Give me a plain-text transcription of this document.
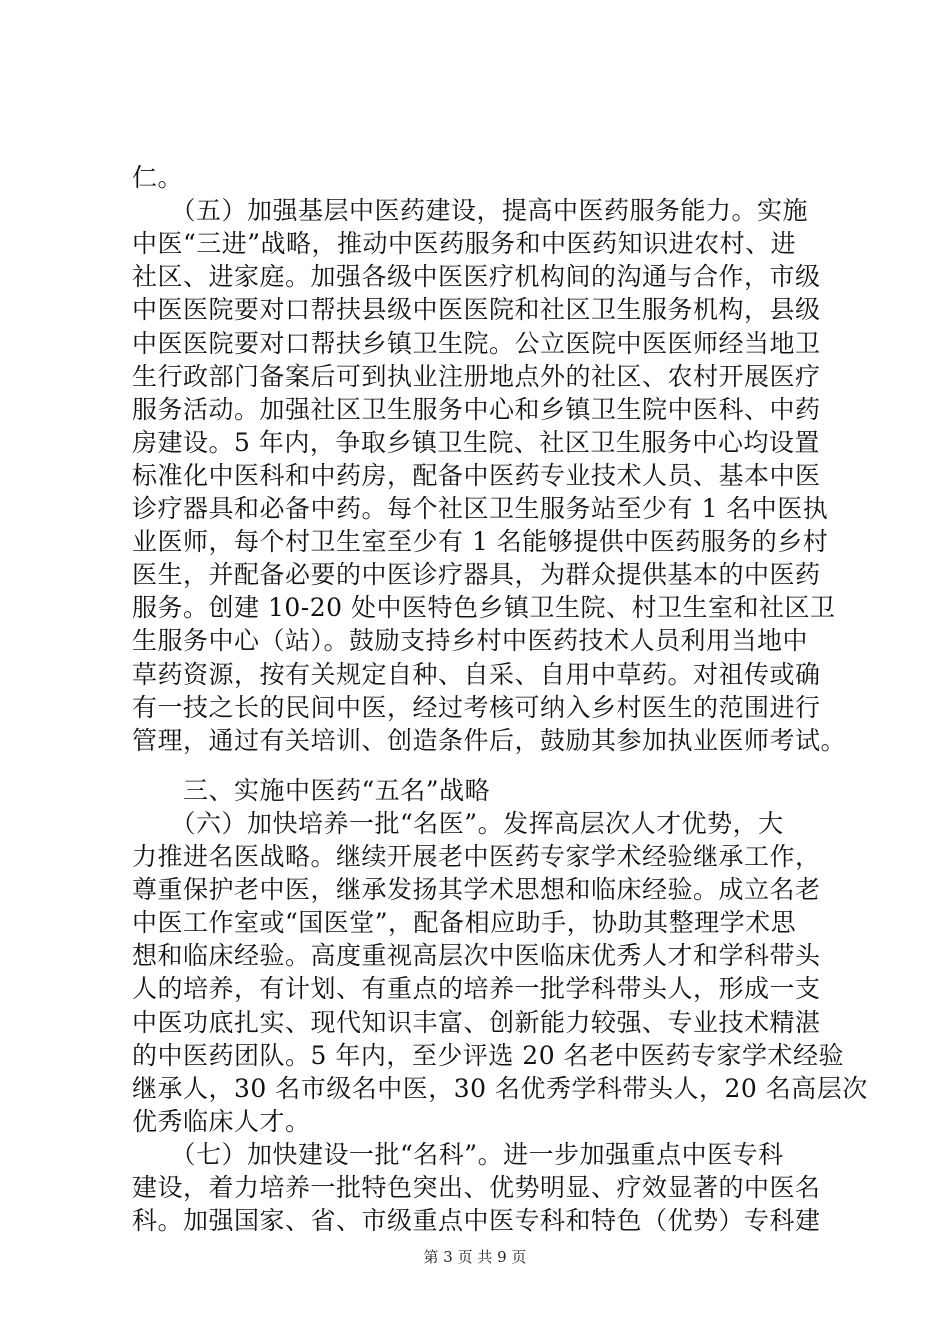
仁。
　　（五）加强基层中医药建设，提高中医药服务能力。实施
中医“三进”战略，推动中医药服务和中医药知识进农村、进
社区、进家庭。加强各级中医医疗机构间的沟通与合作，市级
中医医院要对口帮扶县级中医医院和社区卫生服务机构，县级
中医医院要对口帮扶乡镇卫生院。公立医院中医医师经当地卫
生行政部门备案后可到执业注册地点外的社区、农村开展医疗
服务活动。加强社区卫生服务中心和乡镇卫生院中医科、中药
房建设。5 年内，争取乡镇卫生院、社区卫生服务中心均设置
标准化中医科和中药房，配备中医药专业技术人员、基本中医
诊疗器具和必备中药。每个社区卫生服务站至少有 1 名中医执
业医师，每个村卫生室至少有 1 名能够提供中医药服务的乡村
医生，并配备必要的中医诊疗器具，为群众提供基本的中医药
服务。创建 10-20 处中医特色乡镇卫生院、村卫生室和社区卫
生服务中心（站）。鼓励支持乡村中医药技术人员利用当地中
草药资源，按有关规定自种、自采、自用中草药。对祖传或确
有一技之长的民间中医，经过考核可纳入乡村医生的范围进行
管理，通过有关培训、创造条件后，鼓励其参加执业医师考试。
　　三、实施中医药“五名”战略
　　（六）加快培养一批“名医”。发挥高层次人才优势，大
力推进名医战略。继续开展老中医药专家学术经验继承工作，
尊重保护老中医，继承发扬其学术思想和临床经验。成立名老
中医工作室或“国医堂”，配备相应助手，协助其整理学术思
想和临床经验。高度重视高层次中医临床优秀人才和学科带头
人的培养，有计划、有重点的培养一批学科带头人，形成一支
中医功底扎实、现代知识丰富、创新能力较强、专业技术精湛
的中医药团队。5 年内，至少评选 20 名老中医药专家学术经验
继承人，30 名市级名中医，30 名优秀学科带头人，20 名高层次
优秀临床人才。
　　（七）加快建设一批“名科”。进一步加强重点中医专科
建设，着力培养一批特色突出、优势明显、疗效显著的中医名
科。加强国家、省、市级重点中医专科和特色（优势）专科建
第 3 页 共 9 页
